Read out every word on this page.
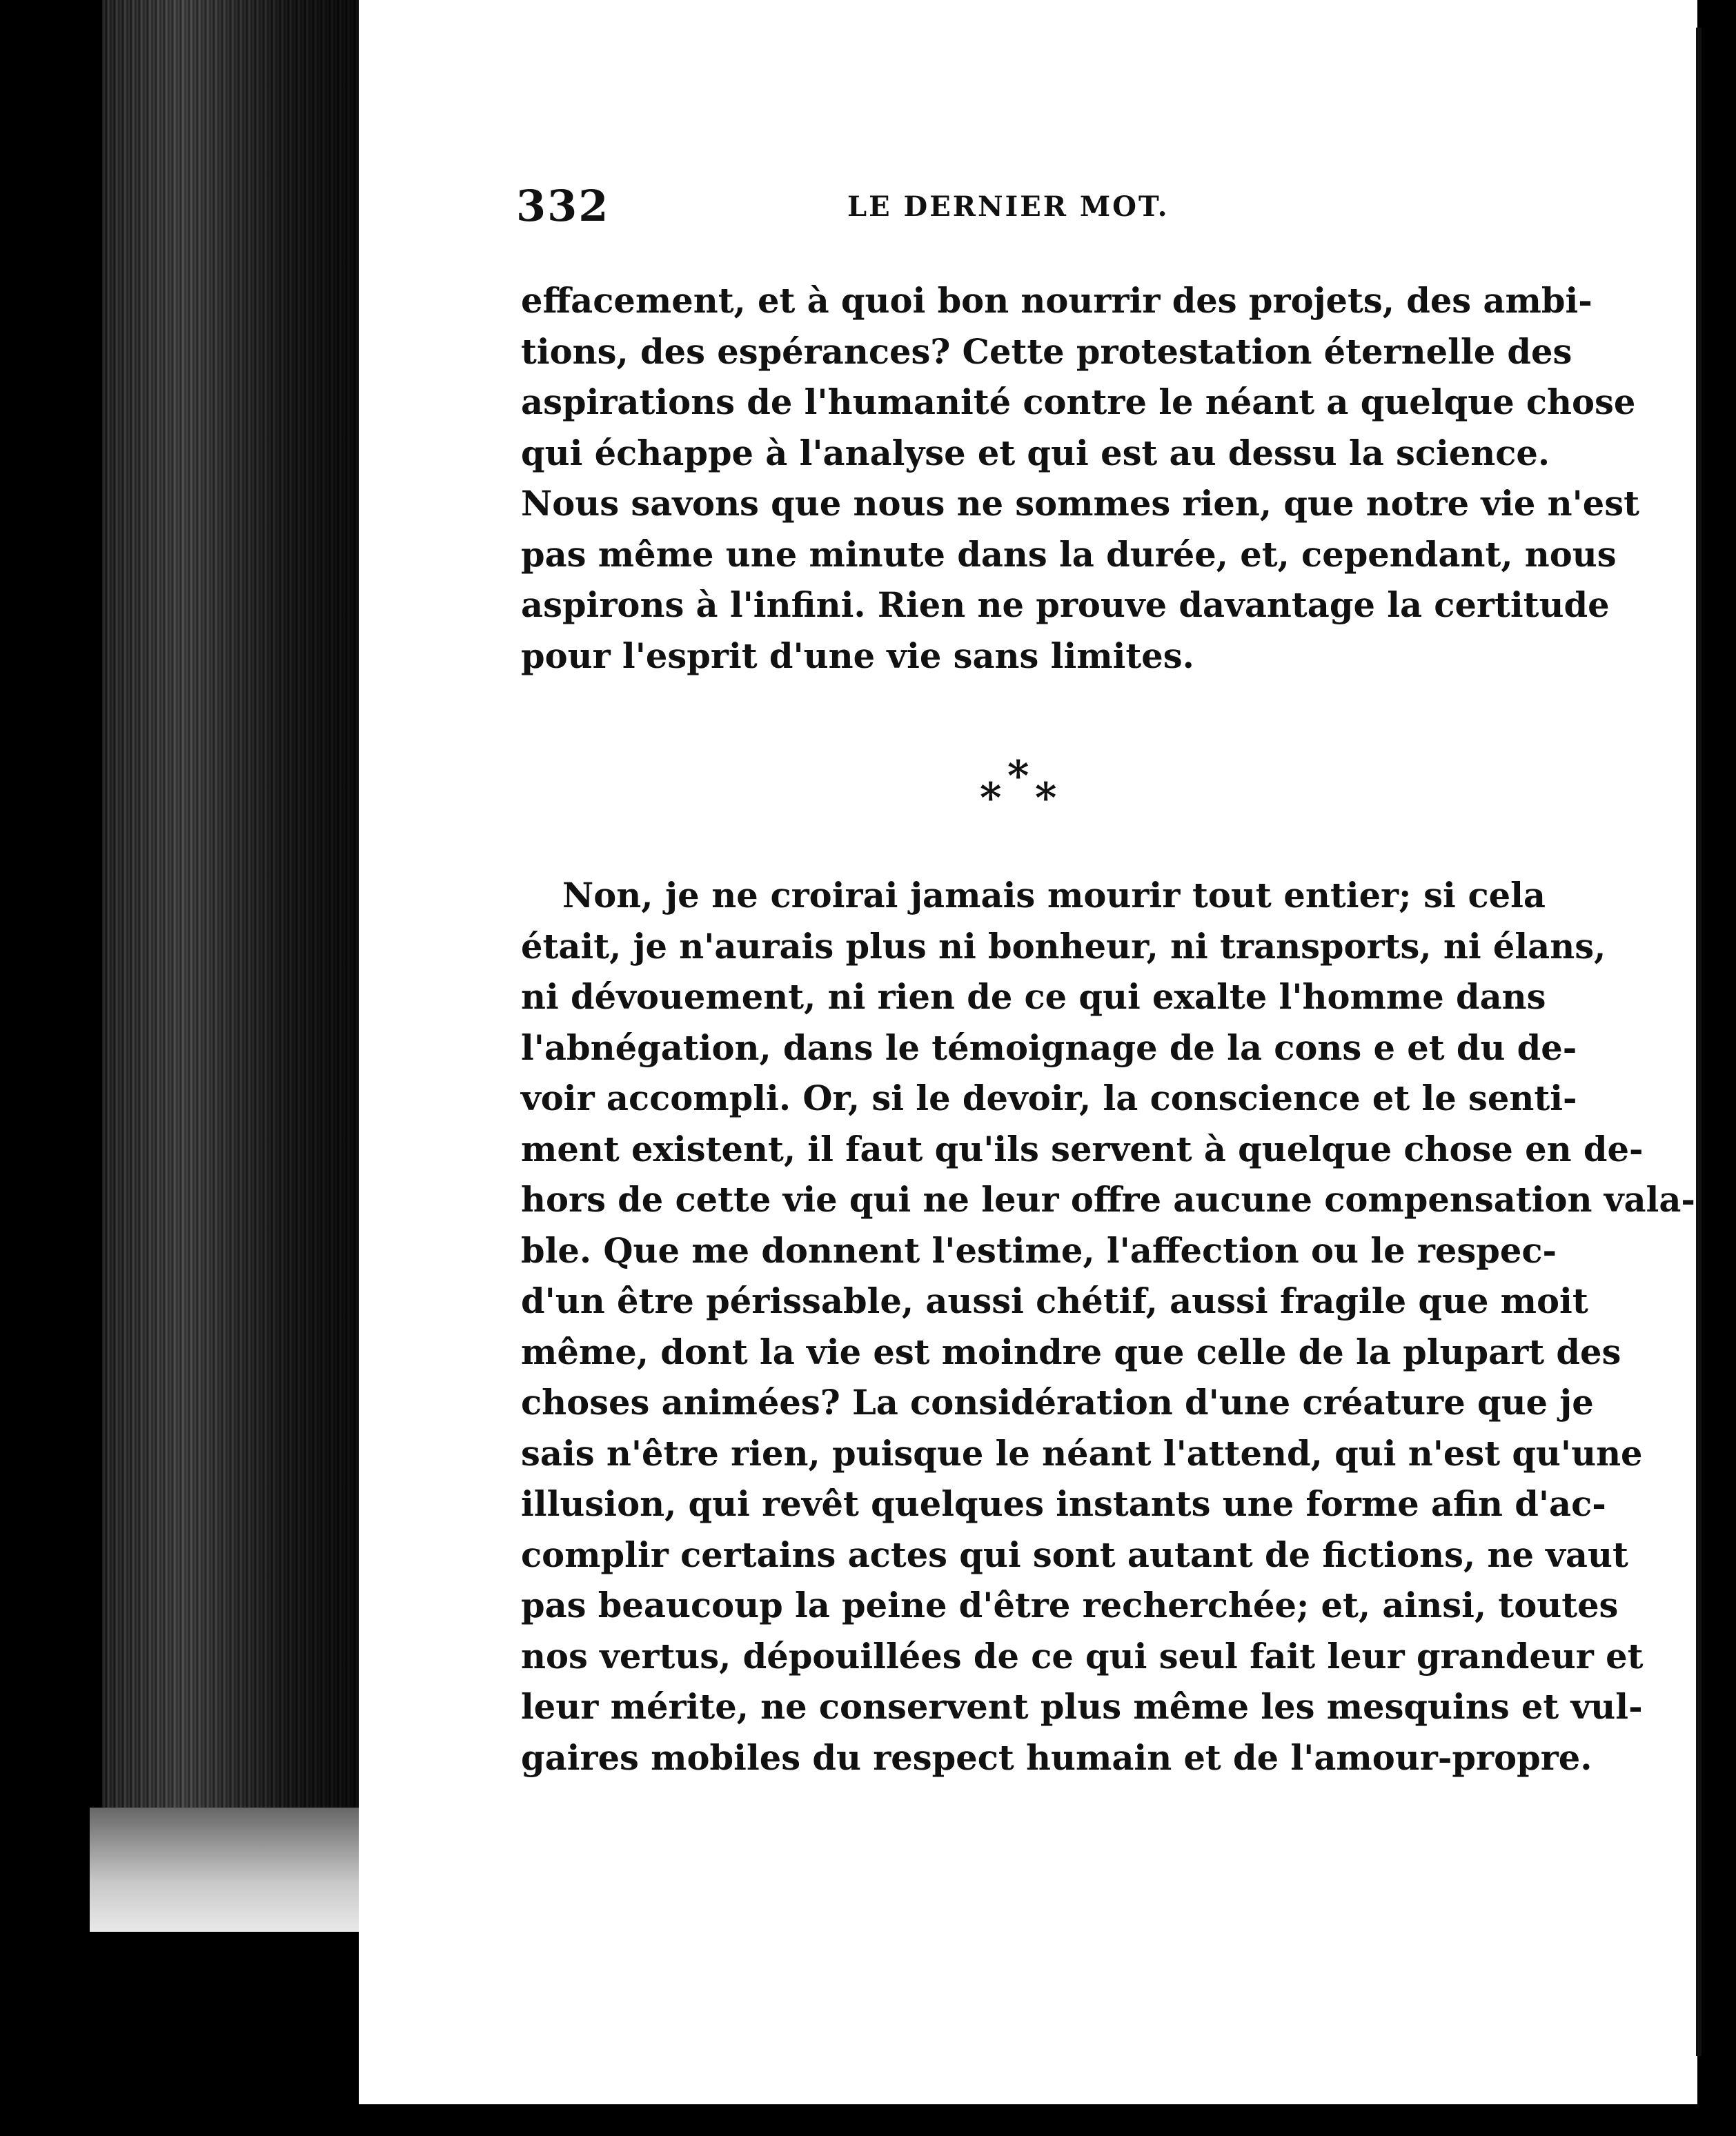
332	LE DERNIER MOT.
effacement, et à quoi bon nourrir des projets, des ambi-
tions, des espérances? Cette protestation éternelle des
aspirations de l'humanité contre le néant a quelque chose
qui échappe à l'analyse et qui est au dessu la science.
Nous savons que nous ne sommes rien, que notre vie n'est
pas même une minute dans la durée, et, cependant, nous
aspirons à l'infini. Rien ne prouve davantage la certitude
pour l'esprit d'une vie sans limites.
*
* *
Non, je ne croirai jamais mourir tout entier; si cela
était, je n'aurais plus ni bonheur, ni transports, ni élans,
ni dévouement, ni rien de ce qui exalte l'homme dans
l'abnégation, dans le témoignage de la cons e et du de-
voir accompli. Or, si le devoir, la conscience et le senti-
ment existent, il faut qu'ils servent à quelque chose en de-
hors de cette vie qui ne leur offre aucune compensation vala-
ble. Que me donnent l'estime, l'affection ou le respec-
d'un être périssable, aussi chétif, aussi fragile que moit
même, dont la vie est moindre que celle de la plupart des
choses animées? La considération d'une créature que je
sais n'être rien, puisque le néant l'attend, qui n'est qu'une
illusion, qui revêt quelques instants une forme afin d'ac-
complir certains actes qui sont autant de fictions, ne vaut
pas beaucoup la peine d'être recherchée; et, ainsi, toutes
nos vertus, dépouillées de ce qui seul fait leur grandeur et
leur mérite, ne conservent plus même les mesquins et vul-
gaires mobiles du respect humain et de l'amour-propre.
